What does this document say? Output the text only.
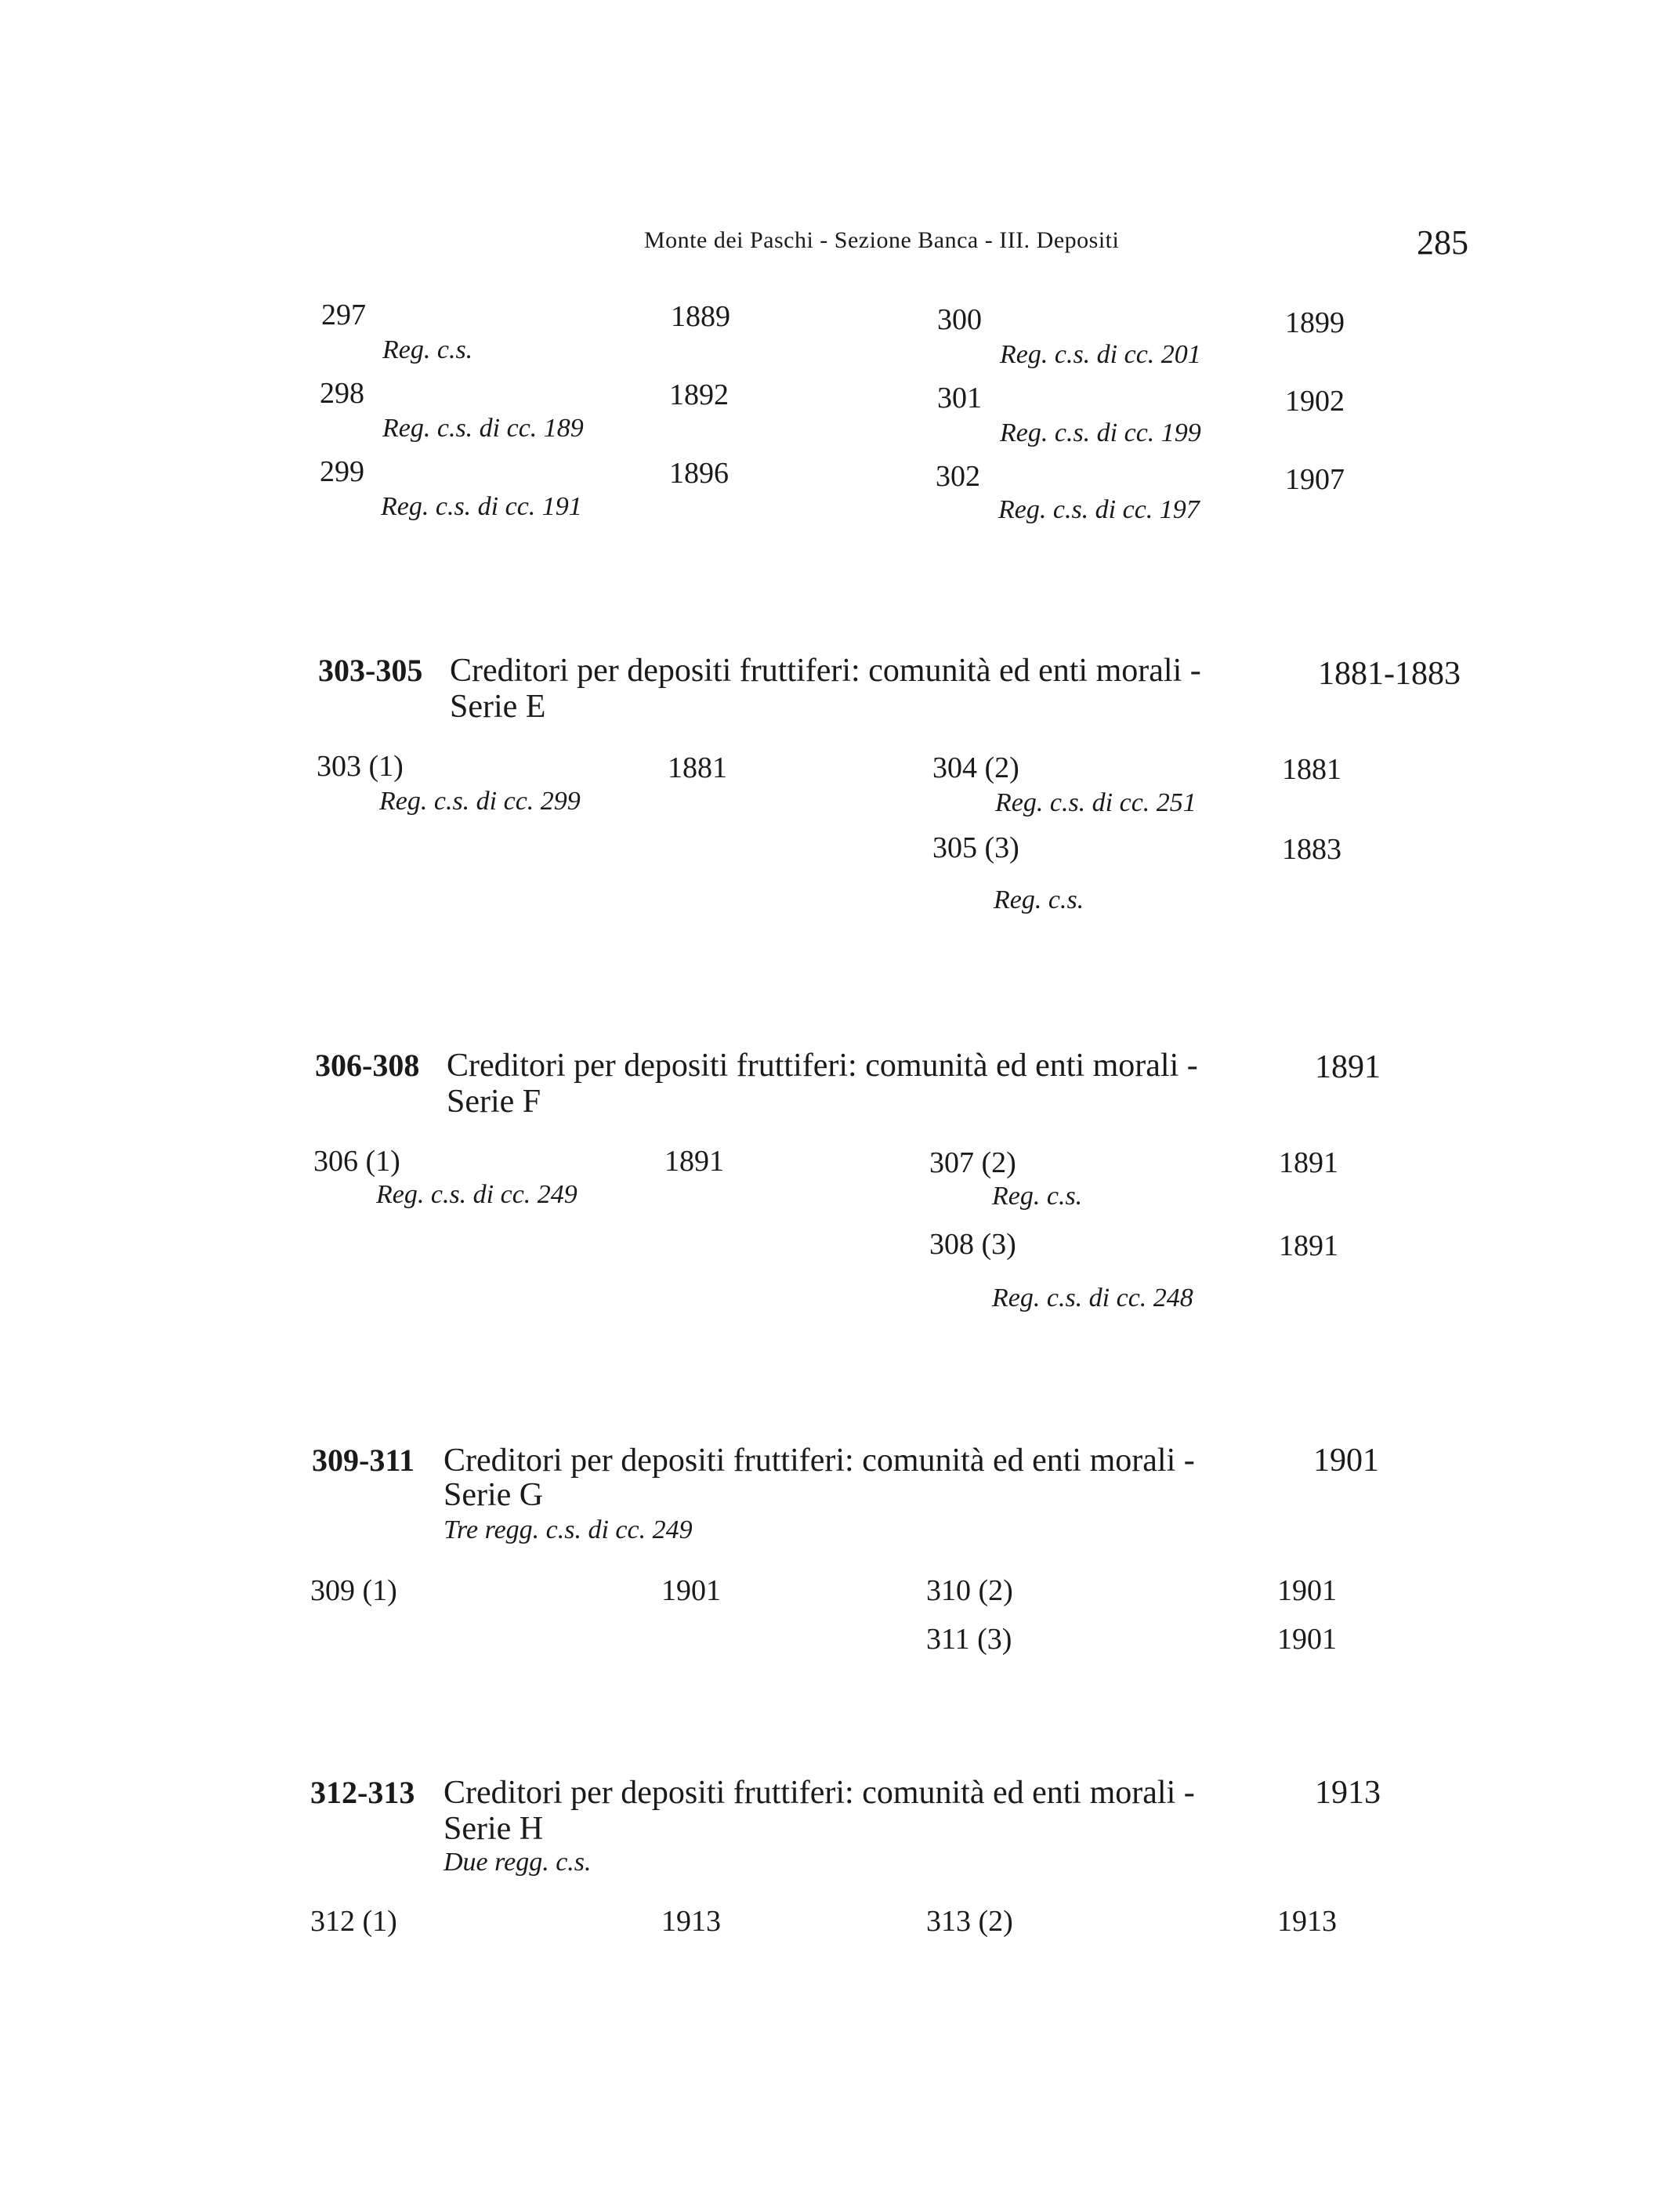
Monte dei Paschi - Sezione Banca - III. Depositi	285
297	1889
Reg. c.s.
298	1892
Reg. c.s. di cc. 189
299	1896
Reg. c.s. di cc. 191
300	1899
Reg. c.s. di cc. 201
301	1902
Reg. c.s. di cc. 199
302	1907
Reg. c.s. di cc. 197
303-305 Creditori per depositi fruttiferi: comunità ed enti morali -	1881-1883
Serie E
303 (1)	1881
Reg. c.s. di cc. 299
304 (2)	1881
Reg. c.s. di cc. 251
305 (3)	1883
Reg. c.s.
306-308 Creditori per depositi fruttiferi: comunità ed enti morali -	1891
Serie F
306 (1)	1891
Reg. c.s. di cc. 249
307 (2)	1891
Reg. c.s.
308 (3)	1891
Reg. c.s. di cc. 248
309-311 Creditori per depositi fruttiferi: comunità ed enti morali -	1901
Serie G
Tre regg. c.s. di cc. 249
309 (1)	1901	310 (2)	1901
311 (3)	1901
312-313 Creditori per depositi fruttiferi: comunità ed enti morali -	1913
Serie H
Due regg. c.s.
312 (1)	1913	313 (2)	1913
